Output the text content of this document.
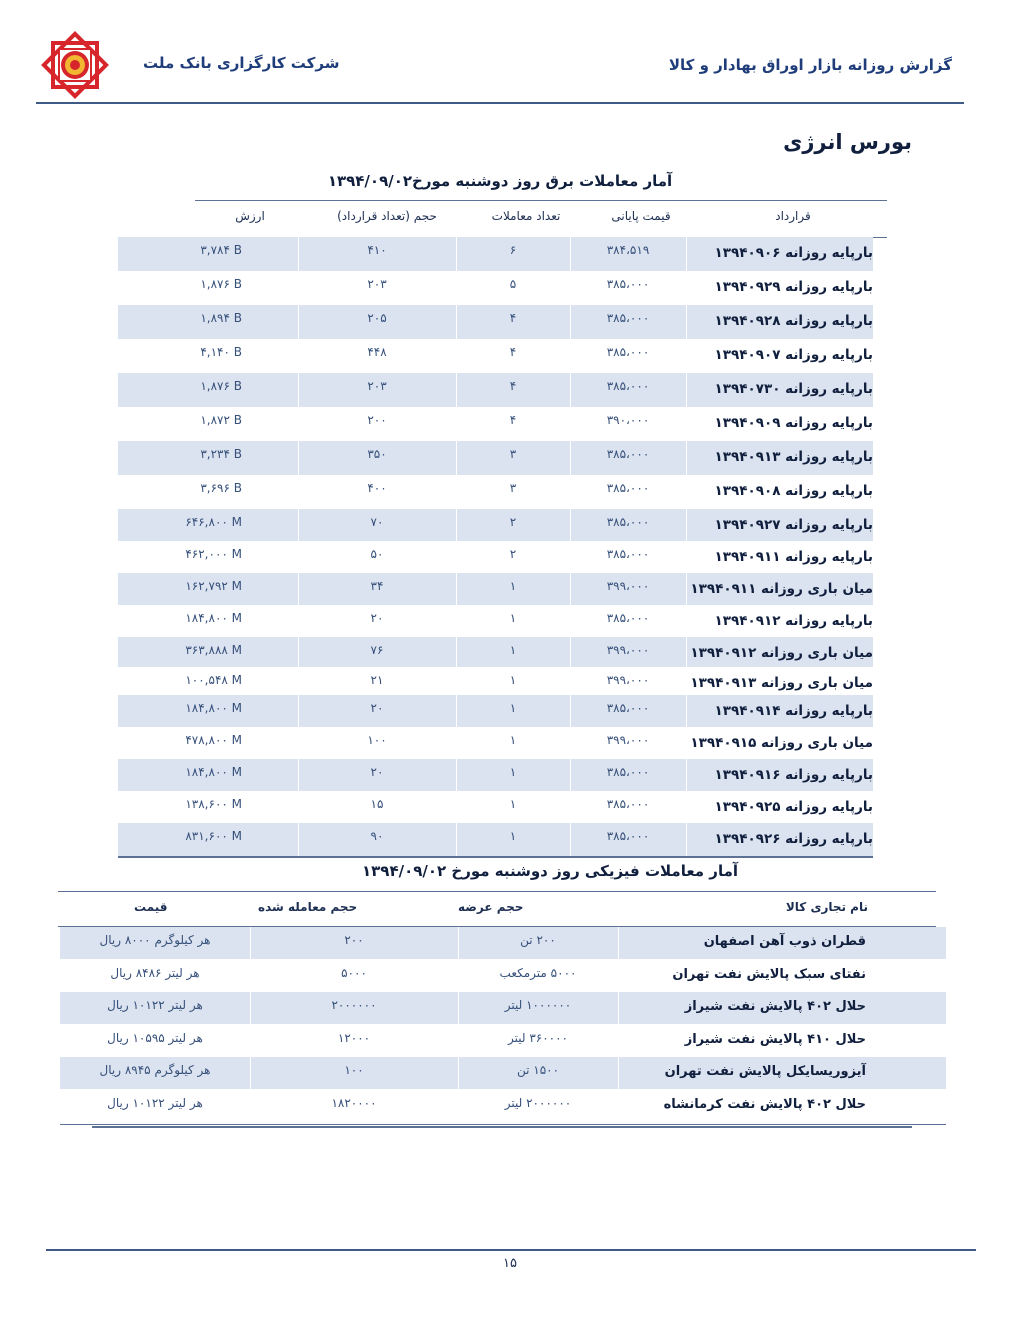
شرکت کارگزاری بانک ملت	گزارش روزانه بازار اوراق بهادار و کالا
بورس انرژی
آمار معاملات برق روز دوشنبه مورخ۱۳۹۴/۰۹/۰۲
قرارداد
قیمت پایانی
تعداد معاملات
حجم (تعداد قرارداد)
ارزش
بارپایه روزانه ۱۳۹۴۰۹۰۶
۳۸۴،۵۱۹
۶
۴۱۰
۳,۷۸۴ B
بارپایه روزانه ۱۳۹۴۰۹۲۹
۳۸۵،۰۰۰
۵
۲۰۳
۱,۸۷۶ B
بارپایه روزانه ۱۳۹۴۰۹۲۸
۳۸۵،۰۰۰
۴
۲۰۵
۱,۸۹۴ B
بارپایه روزانه ۱۳۹۴۰۹۰۷
۳۸۵،۰۰۰
۴
۴۴۸
۴,۱۴۰ B
بارپایه روزانه ۱۳۹۴۰۷۳۰
۳۸۵،۰۰۰
۴
۲۰۳
۱,۸۷۶ B
بارپایه روزانه ۱۳۹۴۰۹۰۹
۳۹۰،۰۰۰
۴
۲۰۰
۱,۸۷۲ B
بارپایه روزانه ۱۳۹۴۰۹۱۳
۳۸۵،۰۰۰
۳
۳۵۰
۳,۲۳۴ B
بارپایه روزانه ۱۳۹۴۰۹۰۸
۳۸۵،۰۰۰
۳
۴۰۰
۳,۶۹۶ B
بارپایه روزانه ۱۳۹۴۰۹۲۷
۳۸۵،۰۰۰
۲
۷۰
۶۴۶,۸۰۰ M
بارپایه روزانه ۱۳۹۴۰۹۱۱
۳۸۵،۰۰۰
۲
۵۰
۴۶۲,۰۰۰ M
میان باری روزانه ۱۳۹۴۰۹۱۱
۳۹۹،۰۰۰
۱
۳۴
۱۶۲,۷۹۲ M
بارپایه روزانه ۱۳۹۴۰۹۱۲
۳۸۵،۰۰۰
۱
۲۰
۱۸۴,۸۰۰ M
میان باری روزانه ۱۳۹۴۰۹۱۲
۳۹۹،۰۰۰
۱
۷۶
۳۶۳,۸۸۸ M
میان باری روزانه ۱۳۹۴۰۹۱۳
۳۹۹،۰۰۰
۱
۲۱
۱۰۰,۵۴۸ M
بارپایه روزانه ۱۳۹۴۰۹۱۴
۳۸۵،۰۰۰
۱
۲۰
۱۸۴,۸۰۰ M
میان باری روزانه ۱۳۹۴۰۹۱۵
۳۹۹،۰۰۰
۱
۱۰۰
۴۷۸,۸۰۰ M
بارپایه روزانه ۱۳۹۴۰۹۱۶
۳۸۵،۰۰۰
۱
۲۰
۱۸۴,۸۰۰ M
بارپایه روزانه ۱۳۹۴۰۹۲۵
۳۸۵،۰۰۰
۱
۱۵
۱۳۸,۶۰۰ M
بارپایه روزانه ۱۳۹۴۰۹۲۶
۳۸۵،۰۰۰
۱
۹۰
۸۳۱,۶۰۰ M
آمار معاملات فیزیکی روز دوشنبه مورخ ۱۳۹۴/۰۹/۰۲
نام تجاری کالا
حجم عرضه
حجم معامله شده
قیمت
قطران ذوب آهن اصفهان
۲۰۰ تن
۲۰۰
هر کیلوگرم ۸۰۰۰ ریال
نفتای سبک پالایش نفت تهران
۵۰۰۰ مترمکعب
۵۰۰۰
هر لیتر ۸۴۸۶ ریال
حلال ۴۰۲ پالایش نفت شیراز
۱۰۰۰۰۰۰ لیتر
۲۰۰۰۰۰۰
هر لیتر ۱۰۱۲۲ ریال
حلال ۴۱۰ پالایش نفت شیراز
۳۶۰۰۰۰ لیتر
۱۲۰۰۰
هر لیتر ۱۰۵۹۵ ریال
آیزوریسایکل پالایش نفت تهران
۱۵۰۰ تن
۱۰۰
هر کیلوگرم ۸۹۴۵ ریال
حلال ۴۰۲ پالایش نفت کرمانشاه
۲۰۰۰۰۰۰ لیتر
۱۸۲۰۰۰۰
هر لیتر ۱۰۱۲۲ ریال
۱۵
